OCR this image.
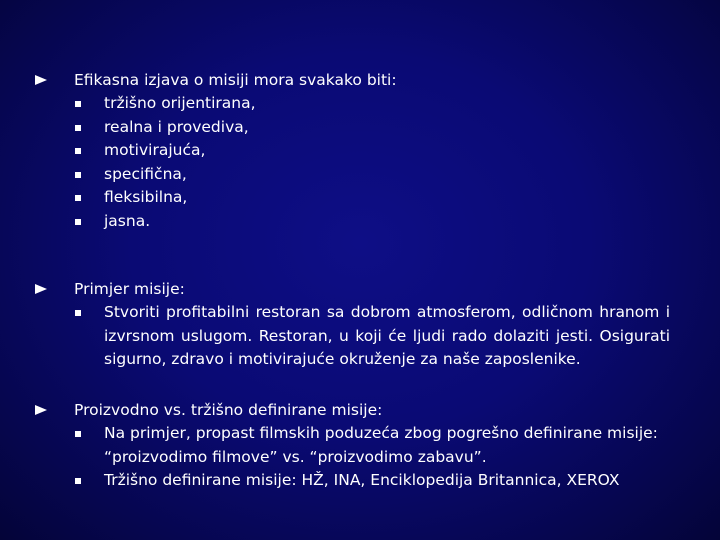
Efikasna izjava o misiji mora svakako biti:
tržišno orijentirana,
realna i provediva,
motivirajuća,
specifična,
fleksibilna,
jasna.
Primjer misije:
Stvoriti profitabilni restoran sa dobrom atmosferom, odličnom hranom i izvrsnom uslugom. Restoran, u koji će ljudi rado dolaziti jesti. Osigurati sigurno, zdravo i motivirajuće okruženje za naše zaposlenike.
Proizvodno vs. tržišno definirane misije:
Na primjer, propast filmskih poduzeća zbog pogrešno definirane misije: “proizvodimo filmove” vs. “proizvodimo zabavu”.
Tržišno definirane misije: HŽ, INA, Enciklopedija Britannica, XEROX
